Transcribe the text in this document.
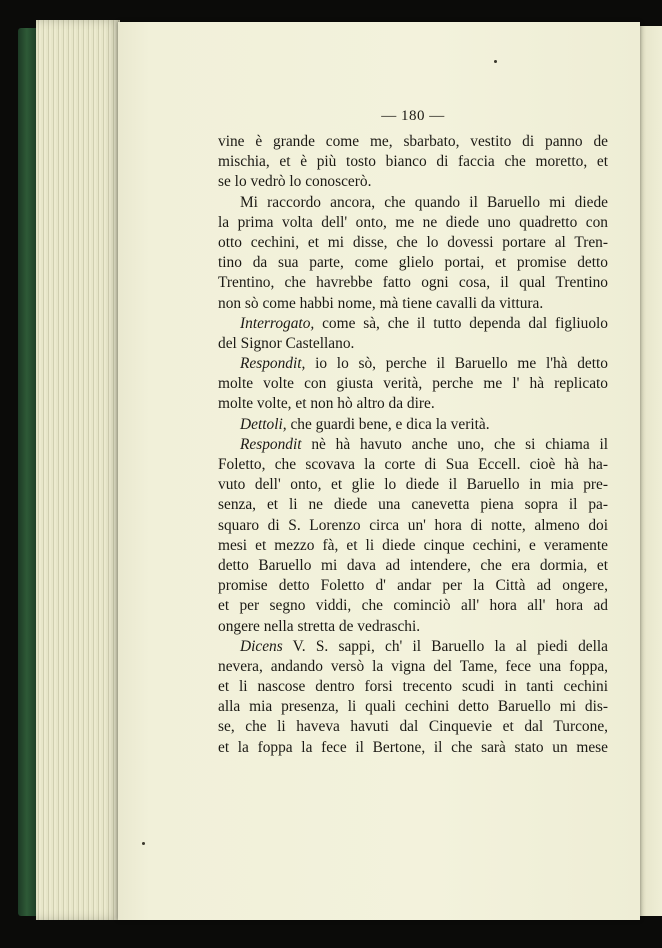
— 180 —
vine è grande come me, sbarbato, vestito di panno de
mischia, et è più tosto bianco di faccia che moretto, et
se lo vedrò lo conoscerò.
Mi raccordo ancora, che quando il Baruello mi diede
la prima volta dell' onto, me ne diede uno quadretto con
otto cechini, et mi disse, che lo dovessi portare al Tren-
tino da sua parte, come glielo portai, et promise detto
Trentino, che havrebbe fatto ogni cosa, il qual Trentino
non sò come habbi nome, mà tiene cavalli da vittura.
Interrogato, come sà, che il tutto dependa dal figliuolo
del Signor Castellano.
Respondit, io lo sò, perche il Baruello me l'hà detto
molte volte con giusta verità, perche me l' hà replicato
molte volte, et non hò altro da dire.
Dettoli, che guardi bene, e dica la verità.
Respondit nè hà havuto anche uno, che si chiama il
Foletto, che scovava la corte di Sua Eccell. cioè hà ha-
vuto dell' onto, et glie lo diede il Baruello in mia pre-
senza, et li ne diede una canevetta piena sopra il pa-
squaro di S. Lorenzo circa un' hora di notte, almeno doi
mesi et mezzo fà, et li diede cinque cechini, e veramente
detto Baruello mi dava ad intendere, che era dormia, et
promise detto Foletto d' andar per la Città ad ongere,
et per segno viddi, che cominciò all' hora all' hora ad
ongere nella stretta de vedraschi.
Dicens V. S. sappi, ch' il Baruello la al piedi della
nevera, andando versò la vigna del Tame, fece una foppa,
et li nascose dentro forsi trecento scudi in tanti cechini
alla mia presenza, li quali cechini detto Baruello mi dis-
se, che li haveva havuti dal Cinquevie et dal Turcone,
et la foppa la fece il Bertone, il che sarà stato un mese
